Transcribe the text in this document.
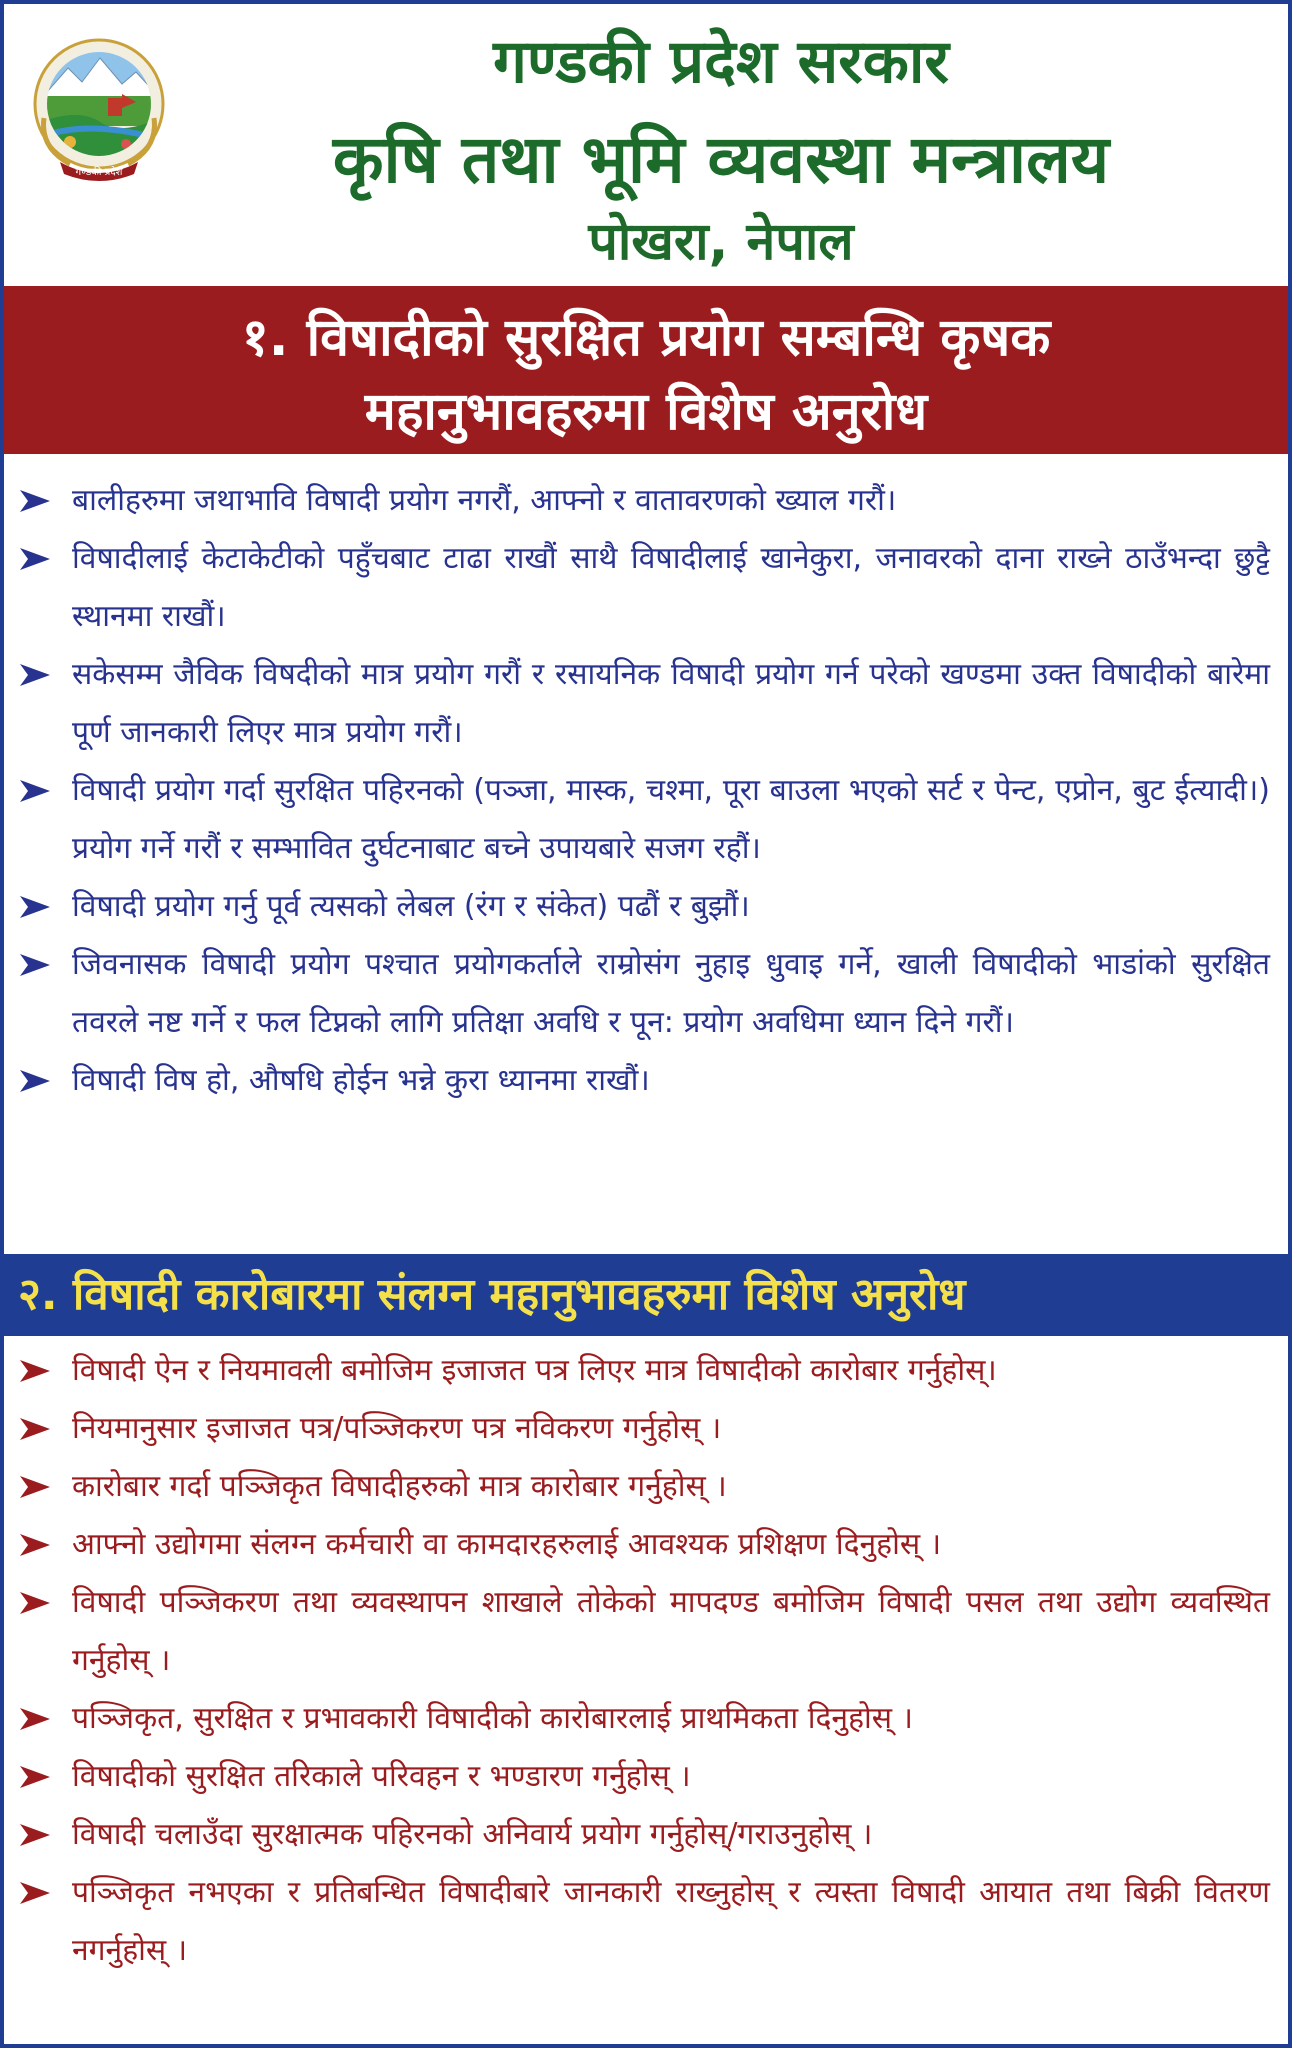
गण्डकी प्रदेश
गण्डकी प्रदेश सरकार
कृषि तथा भूमि व्यवस्था मन्त्रालय
पोखरा, नेपाल
१. विषादीको सुरक्षित प्रयोग सम्बन्धि कृषक
महानुभावहरुमा विशेष अनुरोध
बालीहरुमा जथाभावि विषादी प्रयोग नगरौं, आफ्नो र वातावरणको ख्याल गरौं।
विषादीलाई केटाकेटीको पहुँचबाट टाढा राखौं साथै विषादीलाई खानेकुरा, जनावरको दाना राख्ने ठाउँभन्दा छुट्टै स्थानमा राखौं।
सकेसम्म जैविक विषदीको मात्र प्रयोग गरौं र रसायनिक विषादी प्रयोग गर्न परेको खण्डमा उक्त विषादीको बारेमा पूर्ण जानकारी लिएर मात्र प्रयोग गरौं।
विषादी प्रयोग गर्दा सुरक्षित पहिरनको (पञ्जा, मास्क, चश्मा, पूरा बाउला भएको सर्ट र पेन्ट, एप्रोन, बुट ईत्यादी।) प्रयोग गर्ने गरौं र सम्भावित दुर्घटनाबाट बच्ने उपायबारे सजग रहौं।
विषादी प्रयोग गर्नु पूर्व त्यसको लेबल (रंग र संकेत) पढौं र बुझौं।
जिवनासक विषादी प्रयोग पश्चात प्रयोगकर्ताले राम्रोसंग नुहाइ धुवाइ गर्ने, खाली विषादीको भाडांको सुरक्षित तवरले नष्ट गर्ने र फल टिप्नको लागि प्रतिक्षा अवधि र पून: प्रयोग अवधिमा ध्यान दिने गरौं।
विषादी विष हो, औषधि होईन भन्ने कुरा ध्यानमा राखौं।
२. विषादी कारोबारमा संलग्न महानुभावहरुमा विशेष अनुरोध
विषादी ऐन र नियमावली बमोजिम इजाजत पत्र लिएर मात्र विषादीको कारोबार गर्नुहोस्।
नियमानुसार इजाजत पत्र/पञ्जिकरण पत्र नविकरण गर्नुहोस् ।
कारोबार गर्दा पञ्जिकृत विषादीहरुको मात्र कारोबार गर्नुहोस् ।
आफ्नो उद्योगमा संलग्न कर्मचारी वा कामदारहरुलाई आवश्यक प्रशिक्षण दिनुहोस् ।
विषादी पञ्जिकरण तथा व्यवस्थापन शाखाले तोकेको मापदण्ड बमोजिम विषादी पसल तथा उद्योग व्यवस्थित गर्नुहोस् ।
पञ्जिकृत, सुरक्षित र प्रभावकारी विषादीको कारोबारलाई प्राथमिकता दिनुहोस् ।
विषादीको सुरक्षित तरिकाले परिवहन र भण्डारण गर्नुहोस् ।
विषादी चलाउँदा सुरक्षात्मक पहिरनको अनिवार्य प्रयोग गर्नुहोस्/गराउनुहोस् ।
पञ्जिकृत नभएका र प्रतिबन्धित विषादीबारे जानकारी राख्नुहोस् र त्यस्ता विषादी आयात तथा बिक्री वितरण नगर्नुहोस् ।
